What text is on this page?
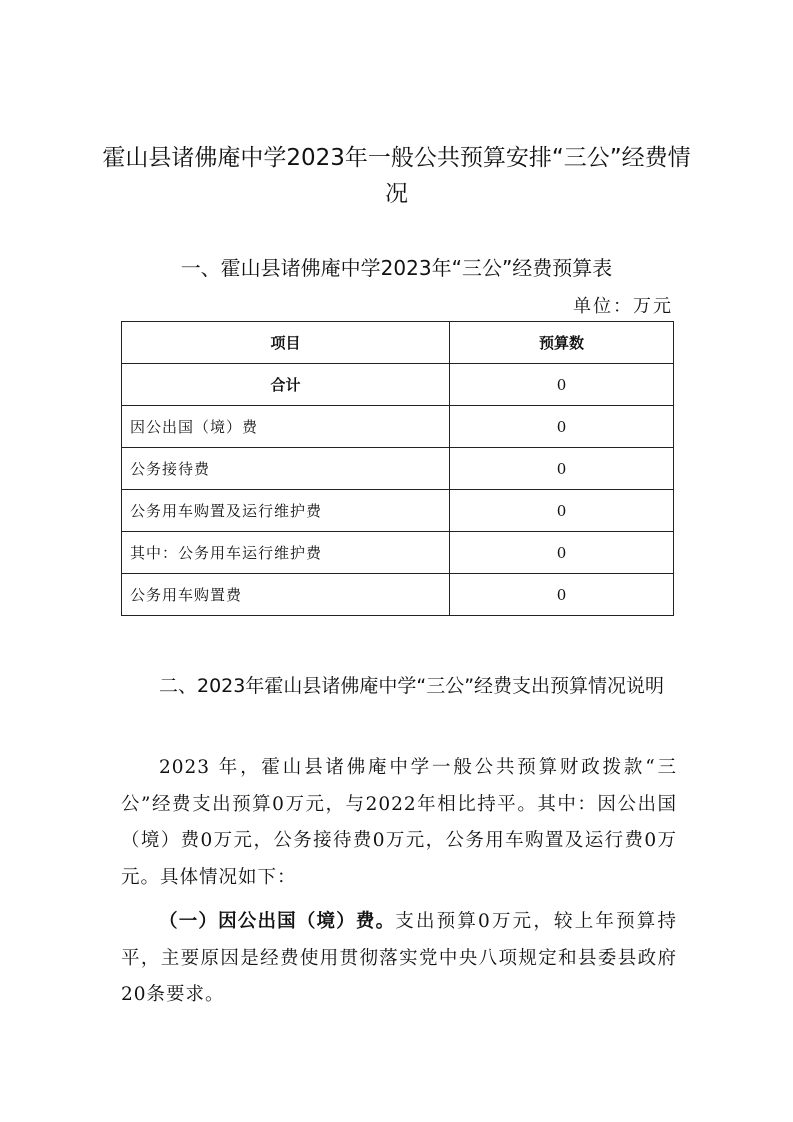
霍山县诸佛庵中学2023年一般公共预算安排“三公”经费情况
一、霍山县诸佛庵中学2023年“三公”经费预算表
单位：万元
项目	预算数
合计	0
因公出国（境）费	0
公务接待费	0
公务用车购置及运行维护费	0
其中：公务用车运行维护费	0
公务用车购置费	0
二、2023年霍山县诸佛庵中学“三公”经费支出预算情况说明

2023 年，霍山县诸佛庵中学一般公共预算财政拨款“三公”经费支出预算0万元，与2022年相比持平。其中：因公出国（境）费0万元，公务接待费0万元，公务用车购置及运行费0万元。具体情况如下：

（一）因公出国（境）费。支出预算0万元，较上年预算持平，主要原因是经费使用贯彻落实党中央八项规定和县委县政府20条要求。
